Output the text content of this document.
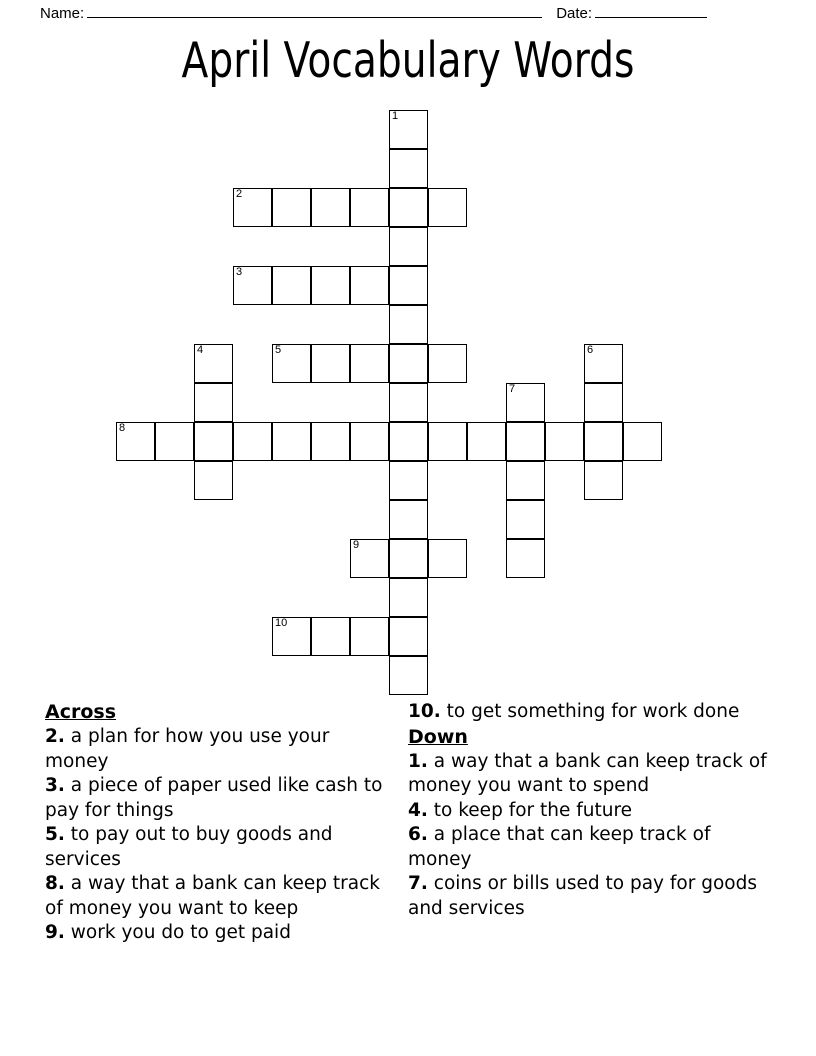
Name:	Date:
April Vocabulary Words
1
2
3
4	5	6
7
8
9
10
Across

2. a plan for how you use your money

3. a piece of paper used like cash to pay for things

5. to pay out to buy goods and services

8. a way that a bank can keep track of money you want to keep

9. work you do to get paid

10. to get something for work done

Down

1. a way that a bank can keep track of money you want to spend

4. to keep for the future

6. a place that can keep track of money

7. coins or bills used to pay for goods and services
